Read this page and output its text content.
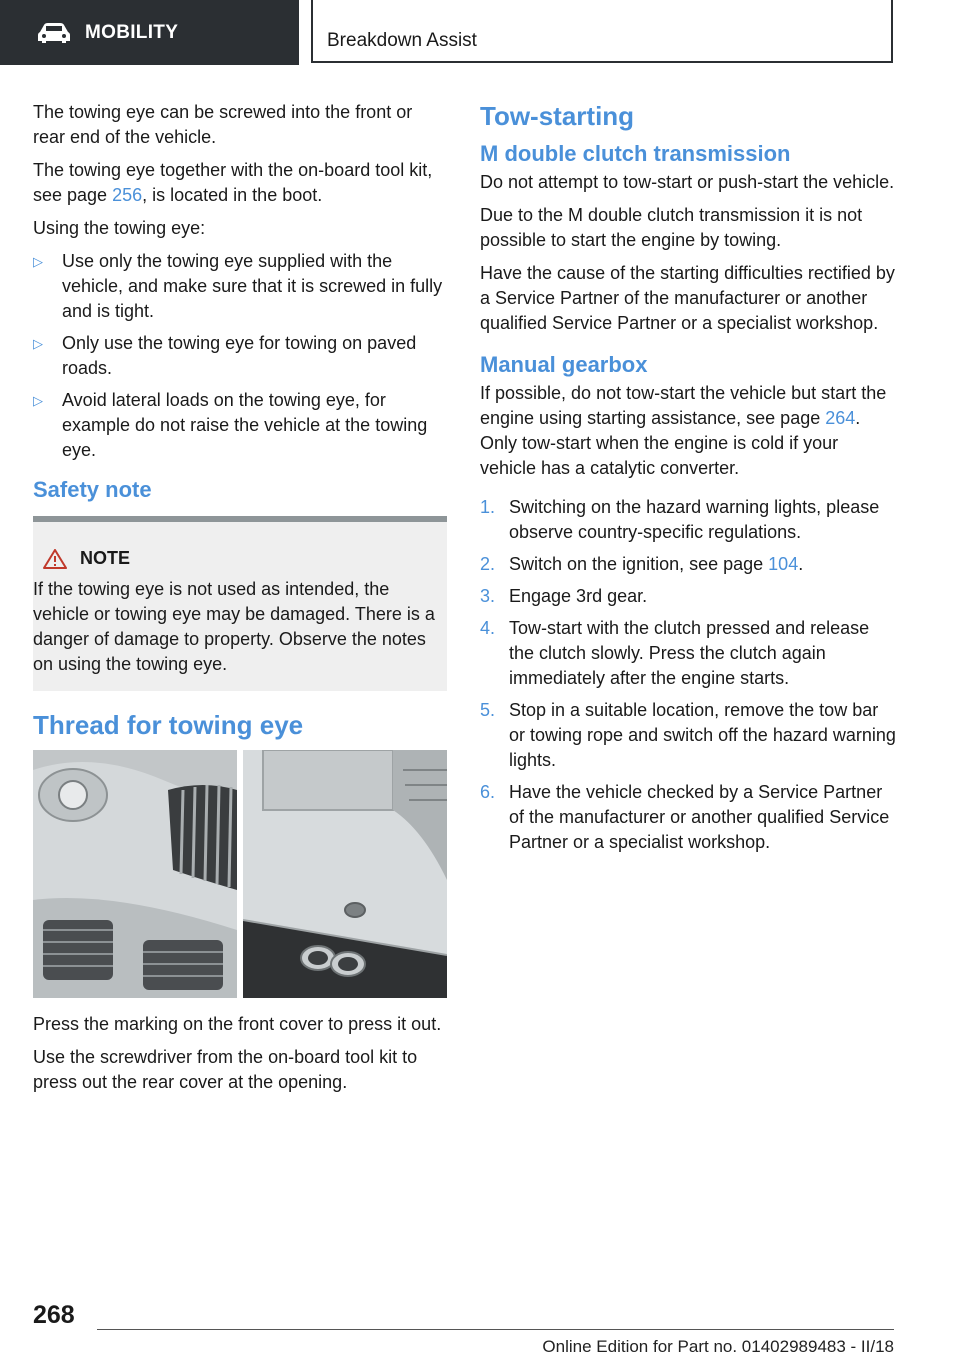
MOBILITY	Breakdown Assist

The towing eye can be screwed into the front or rear end of the vehicle.

The towing eye together with the on-board tool kit, see page 256, is located in the boot.

Using the towing eye:

▷ Use only the towing eye supplied with the vehicle, and make sure that it is screwed in fully and is tight.
▷ Only use the towing eye for towing on paved roads.
▷ Avoid lateral loads on the towing eye, for example do not raise the vehicle at the towing eye.
Safety note
NOTE

If the towing eye is not used as intended, the vehicle or towing eye may be damaged. There is a danger of damage to property. Observe the notes on using the towing eye.

Thread for towing eye

Press the marking on the front cover to press it out.

Use the screwdriver from the on-board tool kit to press out the rear cover at the opening.

Tow-starting
M double clutch transmission

Do not attempt to tow-start or push-start the vehicle.

Due to the M double clutch transmission it is not possible to start the engine by towing.

Have the cause of the starting difficulties rectified by a Service Partner of the manufacturer or another qualified Service Partner or a specialist workshop.

Manual gearbox

If possible, do not tow-start the vehicle but start the engine using starting assistance, see page 264. Only tow-start when the engine is cold if your vehicle has a catalytic converter.

1. Switching on the hazard warning lights, please observe country-specific regulations.
2. Switch on the ignition, see page 104.
3. Engage 3rd gear.
4. Tow-start with the clutch pressed and release the clutch slowly. Press the clutch again immediately after the engine starts.
5. Stop in a suitable location, remove the tow bar or towing rope and switch off the hazard warning lights.
6. Have the vehicle checked by a Service Partner of the manufacturer or another qualified Service Partner or a specialist workshop.
268
Online Edition for Part no. 01402989483 - II/18
